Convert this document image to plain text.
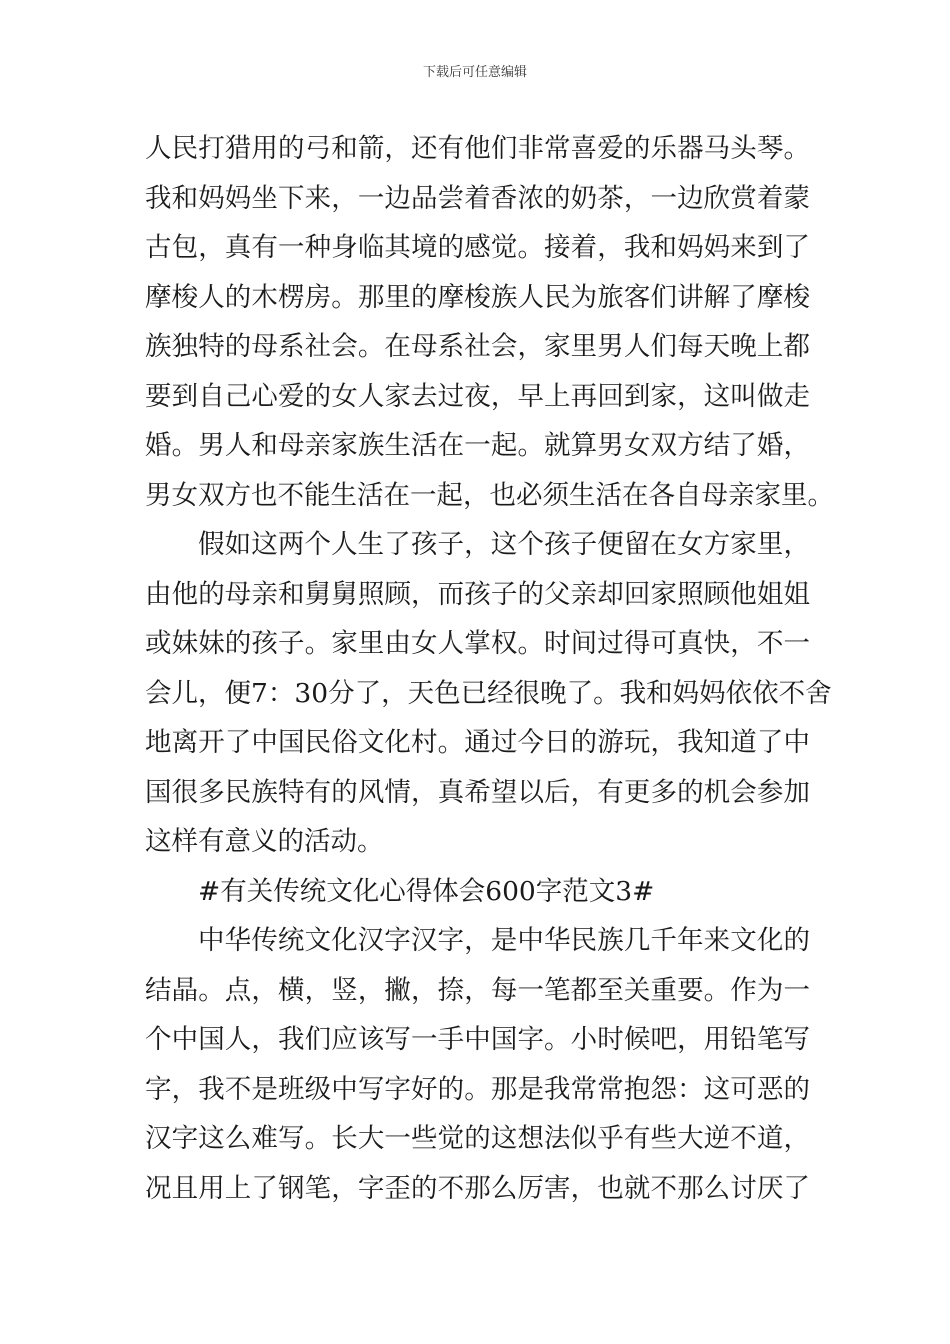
下载后可任意编辑
人民打猎用的弓和箭，还有他们非常喜爱的乐器马头琴。
我和妈妈坐下来，一边品尝着香浓的奶茶，一边欣赏着蒙
古包，真有一种身临其境的感觉。接着，我和妈妈来到了
摩梭人的木楞房。那里的摩梭族人民为旅客们讲解了摩梭
族独特的母系社会。在母系社会，家里男人们每天晚上都
要到自己心爱的女人家去过夜，早上再回到家，这叫做走
婚。男人和母亲家族生活在一起。就算男女双方结了婚，
男女双方也不能生活在一起，也必须生活在各自母亲家里。
假如这两个人生了孩子，这个孩子便留在女方家里，
由他的母亲和舅舅照顾，而孩子的父亲却回家照顾他姐姐
或妹妹的孩子。家里由女人掌权。时间过得可真快，不一
会儿，便7：30分了，天色已经很晚了。我和妈妈依依不舍
地离开了中国民俗文化村。通过今日的游玩，我知道了中
国很多民族特有的风情，真希望以后，有更多的机会参加
这样有意义的活动。
#有关传统文化心得体会600字范文3#
中华传统文化汉字汉字，是中华民族几千年来文化的
结晶。点，横，竖，撇，捺，每一笔都至关重要。作为一
个中国人，我们应该写一手中国字。小时候吧，用铅笔写
字，我不是班级中写字好的。那是我常常抱怨：这可恶的
汉字这么难写。长大一些觉的这想法似乎有些大逆不道，
况且用上了钢笔，字歪的不那么厉害，也就不那么讨厌了
